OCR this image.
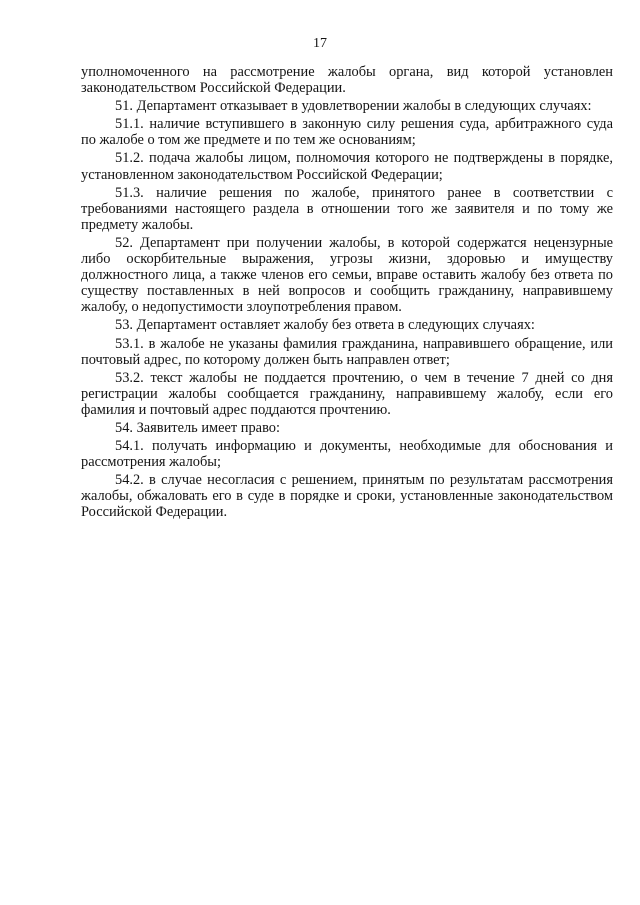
17

уполномоченного на рассмотрение жалобы органа, вид которой установлен законодательством Российской Федерации.

51. Департамент отказывает в удовлетворении жалобы в следующих случаях:

51.1. наличие вступившего в законную силу решения суда, арбитражного суда по жалобе о том же предмете и по тем же основаниям;

51.2. подача жалобы лицом, полномочия которого не подтверждены в порядке, установленном законодательством Российской Федерации;

51.3. наличие решения по жалобе, принятого ранее в соответствии с требованиями настоящего раздела в отношении того же заявителя и по тому же предмету жалобы.

52. Департамент при получении жалобы, в которой содержатся нецензурные либо оскорбительные выражения, угрозы жизни, здоровью и имуществу должностного лица, а также членов его семьи, вправе оставить жалобу без ответа по существу поставленных в ней вопросов и сообщить гражданину, направившему жалобу, о недопустимости злоупотребления правом.

53. Департамент оставляет жалобу без ответа в следующих случаях:

53.1. в жалобе не указаны фамилия гражданина, направившего обращение, или почтовый адрес, по которому должен быть направлен ответ;

53.2. текст жалобы не поддается прочтению, о чем в течение 7 дней со дня регистрации жалобы сообщается гражданину, направившему жалобу, если его фамилия и почтовый адрес поддаются прочтению.

54. Заявитель имеет право:

54.1. получать информацию и документы, необходимые для обоснования и рассмотрения жалобы;

54.2. в случае несогласия с решением, принятым по результатам рассмотрения жалобы, обжаловать его в суде в порядке и сроки, установленные законодательством Российской Федерации.
